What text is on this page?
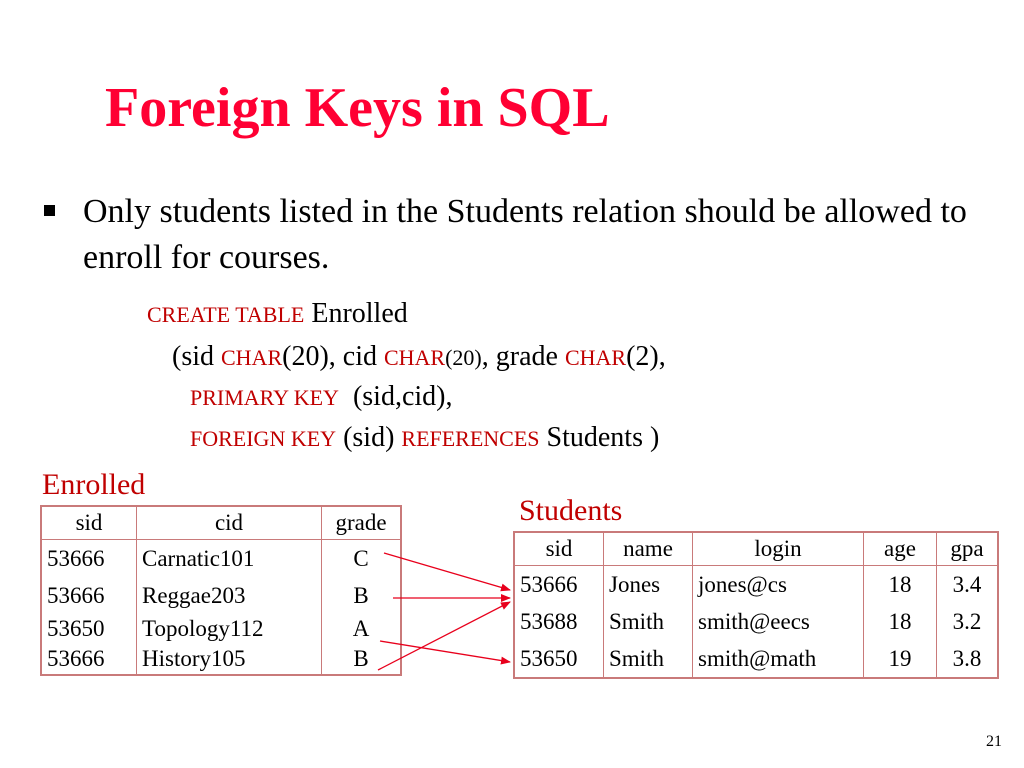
Foreign Keys in SQL
Only students listed in the Students relation should be allowed to enroll for courses.
CREATE TABLE Enrolled
(sid CHAR(20), cid CHAR(20), grade CHAR(2),
PRIMARY KEY (sid,cid),
FOREIGN KEY (sid) REFERENCES Students )
Enrolled
sid	cid	grade
53666	Carnatic101	C
53666	Reggae203	B
53650	Topology112	A
53666	History105	B
Students
sid	name	login	age	gpa
53666	Jones	jones@cs	18	3.4
53688	Smith	smith@eecs	18	3.2
53650	Smith	smith@math	19	3.8
21
